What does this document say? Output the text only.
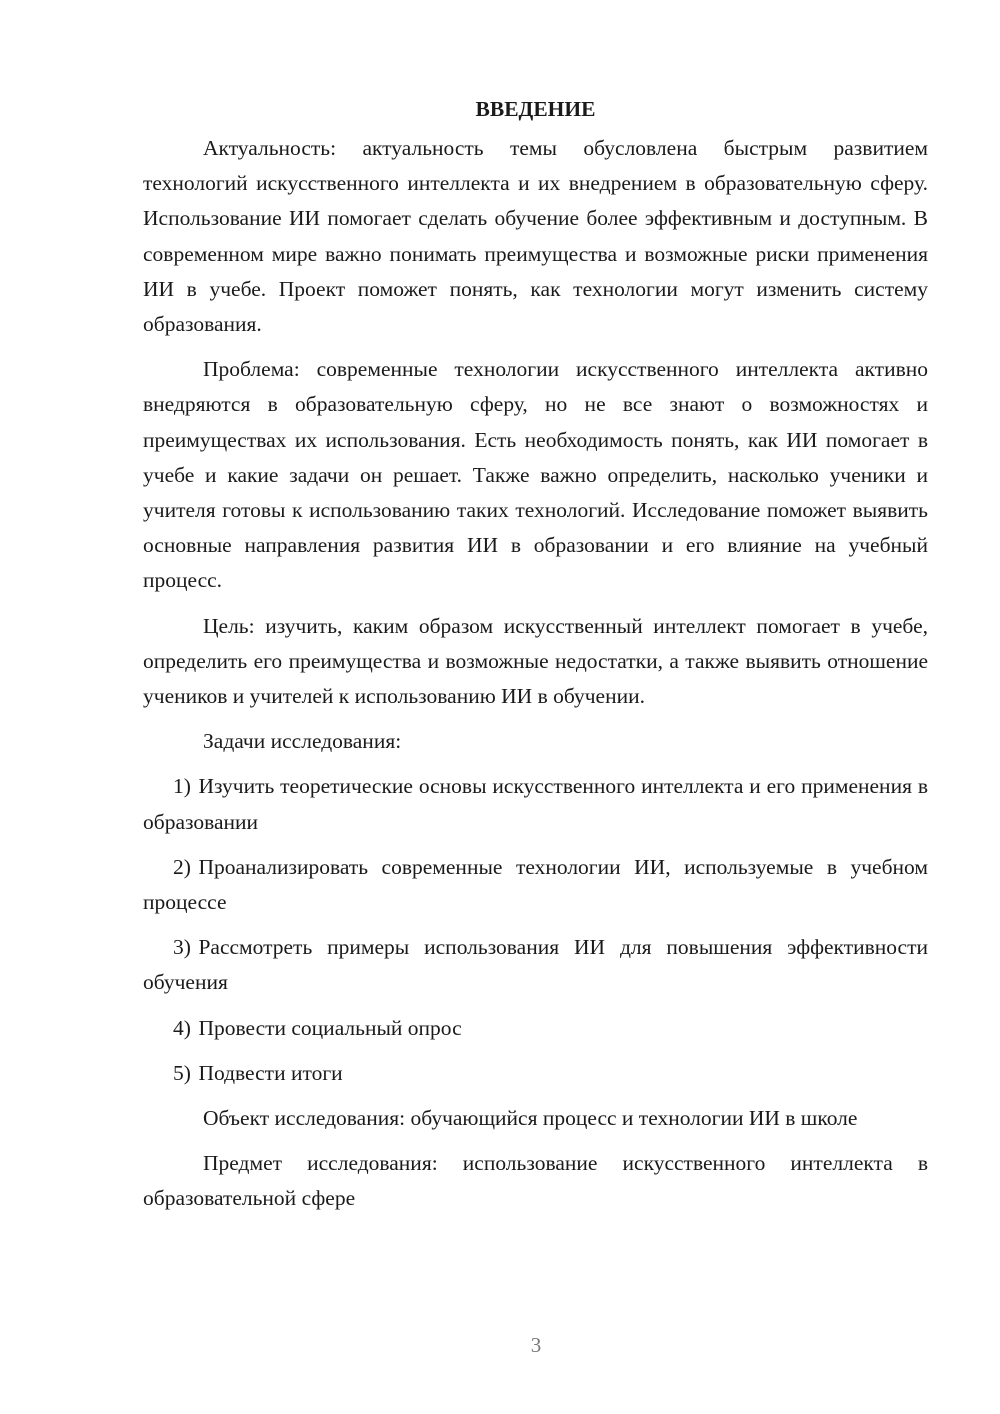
ВВЕДЕНИЕ

Актуальность: актуальность темы обусловлена быстрым развитием технологий искусственного интеллекта и их внедрением в образовательную сферу. Использование ИИ помогает сделать обучение более эффективным и доступным. В современном мире важно понимать преимущества и возможные риски применения ИИ в учебе. Проект поможет понять, как технологии могут изменить систему образования.

Проблема: современные технологии искусственного интеллекта активно внедряются в образовательную сферу, но не все знают о возможностях и преимуществах их использования. Есть необходимость понять, как ИИ помогает в учебе и какие задачи он решает. Также важно определить, насколько ученики и учителя готовы к использованию таких технологий. Исследование поможет выявить основные направления развития ИИ в образовании и его влияние на учебный процесс.

Цель: изучить, каким образом искусственный интеллект помогает в учебе, определить его преимущества и возможные недостатки, а также выявить отношение учеников и учителей к использованию ИИ в обучении.

Задачи исследования:

1) Изучить теоретические основы искусственного интеллекта и его применения в образовании

2) Проанализировать современные технологии ИИ, используемые в учебном процессе

3) Рассмотреть примеры использования ИИ для повышения эффективности обучения

4) Провести социальный опрос

5) Подвести итоги

Объект исследования: обучающийся процесс и технологии ИИ в школе

Предмет исследования: использование искусственного интеллекта в образовательной сфере

3
